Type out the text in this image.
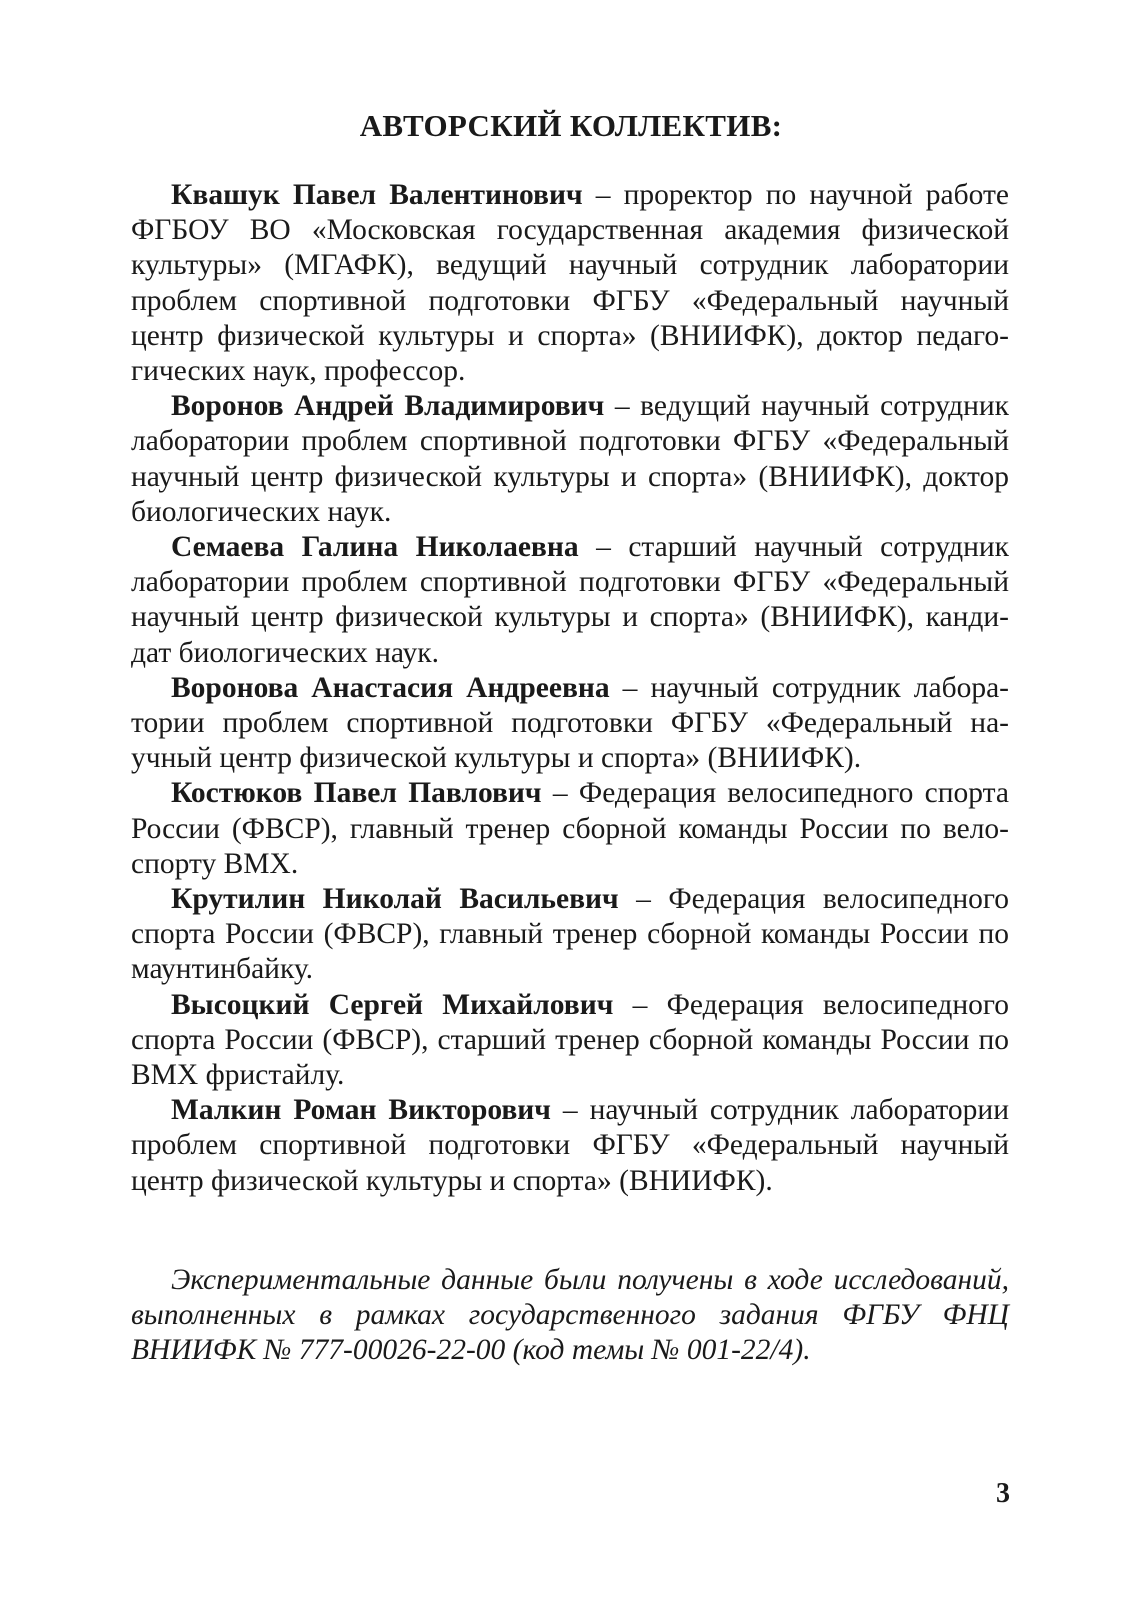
АВТОРСКИЙ КОЛЛЕКТИВ:

Квашук Павел Валентинович – проректор по научной работе ФГБОУ ВО «Московская государственная академия физической культуры» (МГАФК), ведущий научный сотрудник лаборатории проблем спортивной подготовки ФГБУ «Федеральный научный центр физической культуры и спорта» (ВНИИФК), доктор педагогических наук, профессор.

Воронов Андрей Владимирович – ведущий научный сотрудник лаборатории проблем спортивной подготовки ФГБУ «Федеральный научный центр физической культуры и спорта» (ВНИИФК), доктор биологических наук.

Семаева Галина Николаевна – старший научный сотрудник лаборатории проблем спортивной подготовки ФГБУ «Федеральный научный центр физической культуры и спорта» (ВНИИФК), кандидат биологических наук.

Воронова Анастасия Андреевна – научный сотрудник лаборатории проблем спортивной подготовки ФГБУ «Федеральный научный центр физической культуры и спорта» (ВНИИФК).

Костюков Павел Павлович – Федерация велосипедного спорта России (ФВСР), главный тренер сборной команды России по велоспорту ВМХ.

Крутилин Николай Васильевич – Федерация велосипедного спорта России (ФВСР), главный тренер сборной команды России по маунтинбайку.

Высоцкий Сергей Михайлович – Федерация велосипедного спорта России (ФВСР), старший тренер сборной команды России по ВМХ фристайлу.

Малкин Роман Викторович – научный сотрудник лаборатории проблем спортивной подготовки ФГБУ «Федеральный научный центр физической культуры и спорта» (ВНИИФК).

Экспериментальные данные были получены в ходе исследований, выполненных в рамках государственного задания ФГБУ ФНЦ ВНИИФК № 777-00026-22-00 (код темы № 001-22/4).

3
